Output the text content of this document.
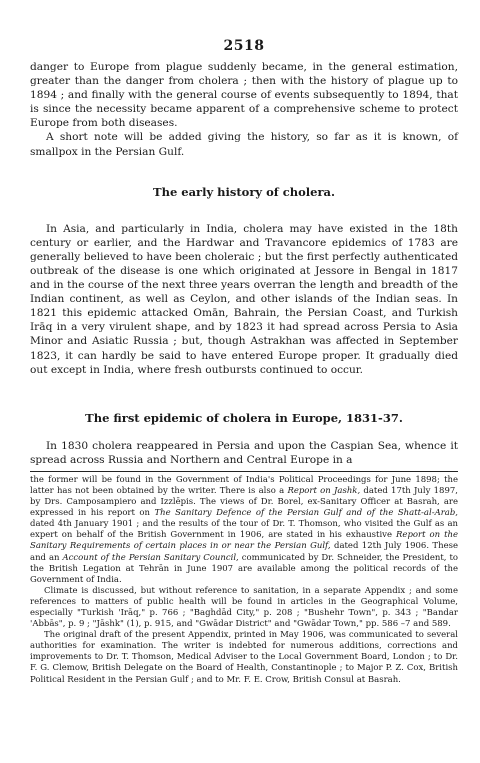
2518

danger to Europe from plague suddenly became, in the general estimation, greater than the danger from cholera ; then with the history of plague up to 1894 ; and finally with the general course of events subsequently to 1894, that is since the necessity became apparent of a comprehensive scheme to protect Europe from both diseases.

A short note will be added giving the history, so far as it is known, of smallpox in the Persian Gulf.

The early history of cholera.

In Asia, and particularly in India, cholera may have existed in the 18th century or earlier, and the Hardwar and Travancore epidemics of 1783 are generally believed to have been choleraic ; but the first perfectly authenticated outbreak of the disease is one which originated at Jessore in Bengal in 1817 and in the course of the next three years overran the length and breadth of the Indian continent, as well as Ceylon, and other islands of the Indian seas. In 1821 this epidemic attacked Omān, Bahrain, the Persian Coast, and Turkish Irāq in a very virulent shape, and by 1823 it had spread across Persia to Asia Minor and Asiatic Russia ; but, though Astrakhan was affected in September 1823, it can hardly be said to have entered Europe proper. It gradually died out except in India, where fresh outbursts continued to occur.

The first epidemic of cholera in Europe, 1831-37.

In 1830 cholera reappeared in Persia and upon the Caspian Sea, whence it spread across Russia and Northern and Central Europe in a

the former will be found in the Government of India's Political Proceedings for June 1898; the latter has not been obtained by the writer. There is also a Report on Jashk, dated 17th July 1897, by Drs. Camposampiero and Izzlēpis. The views of Dr. Borel, ex-Sanitary Officer at Basrah, are expressed in his report on The Sanitary Defence of the Persian Gulf and of the Shatt-al-Arab, dated 4th January 1901 ; and the results of the tour of Dr. T. Thomson, who visited the Gulf as an expert on behalf of the British Government in 1906, are stated in his exhaustive Report on the Sanitary Requirements of certain places in or near the Persian Gulf, dated 12th July 1906. These and an Account of the Persian Sanitary Council, communicated by Dr. Schneider, the President, to the British Legation at Tehrān in June 1907 are available among the political records of the Government of India.

Climate is discussed, but without reference to sanitation, in a separate Appendix ; and some references to matters of public health will be found in articles in the Geographical Volume, especially "Turkish 'Irāq," p. 766 ; "Baghdād City," p. 208 ; "Bushehr Town", p. 343 ; "Bandar 'Abbās", p. 9 ; "Jāshk" (1), p. 915, and "Gwādar District" and "Gwādar Town," pp. 586 –7 and 589.

The original draft of the present Appendix, printed in May 1906, was communicated to several authorities for examination. The writer is indebted for numerous additions, corrections and improvements to Dr. T. Thomson, Medical Adviser to the Local Government Board, London ; to Dr. F. G. Clemow, British Delegate on the Board of Health, Constantinople ; to Major P. Z. Cox, British Political Resident in the Persian Gulf ; and to Mr. F. E. Crow, British Consul at Basrah.
